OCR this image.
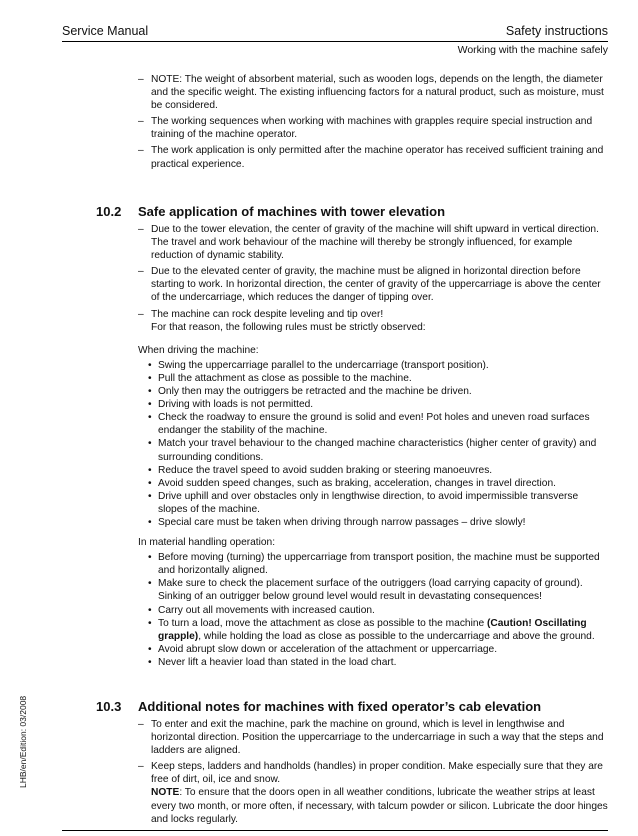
Service Manual	Safety instructions
Working with the machine safely
LHB/en/Edition: 03/2008
– NOTE: The weight of absorbent material, such as wooden logs, depends on the length, the diameter and the specific weight. The existing influencing factors for a natural product, such as moisture, must be considered.
– The working sequences when working with machines with grapples require special instruction and training of the machine operator.
– The work application is only permitted after the machine operator has received sufficient training and practical experience.
10.2 Safe application of machines with tower elevation
– Due to the tower elevation, the center of gravity of the machine will shift upward in vertical direction. The travel and work behaviour of the machine will thereby be strongly influenced, for example reduction of dynamic stability.
– Due to the elevated center of gravity, the machine must be aligned in horizontal direction before starting to work. In horizontal direction, the center of gravity of the uppercarriage is above the center of the undercarriage, which reduces the danger of tipping over.
– The machine can rock despite leveling and tip over!
For that reason, the following rules must be strictly observed:
When driving the machine:
• Swing the uppercarriage parallel to the undercarriage (transport position).
• Pull the attachment as close as possible to the machine.
• Only then may the outriggers be retracted and the machine be driven.
• Driving with loads is not permitted.
• Check the roadway to ensure the ground is solid and even! Pot holes and uneven road surfaces endanger the stability of the machine.
• Match your travel behaviour to the changed machine characteristics (higher center of gravity) and surrounding conditions.
• Reduce the travel speed to avoid sudden braking or steering manoeuvres.
• Avoid sudden speed changes, such as braking, acceleration, changes in travel direction.
• Drive uphill and over obstacles only in lengthwise direction, to avoid impermissible transverse slopes of the machine.
• Special care must be taken when driving through narrow passages – drive slowly!
In material handling operation:
• Before moving (turning) the uppercarriage from transport position, the machine must be supported and horizontally aligned.
• Make sure to check the placement surface of the outriggers (load carrying capacity of ground). Sinking of an outrigger below ground level would result in devastating consequences!
• Carry out all movements with increased caution.
• To turn a load, move the attachment as close as possible to the machine (Caution! Oscillating grapple), while holding the load as close as possible to the undercarriage and above the ground.
• Avoid abrupt slow down or acceleration of the attachment or uppercarriage.
• Never lift a heavier load than stated in the load chart.
10.3 Additional notes for machines with fixed operator’s cab elevation
– To enter and exit the machine, park the machine on ground, which is level in lengthwise and horizontal direction. Position the uppercarriage to the undercarriage in such a way that the steps and ladders are aligned.
– Keep steps, ladders and handholds (handles) in proper condition. Make especially sure that they are free of dirt, oil, ice and snow.
NOTE: To ensure that the doors open in all weather conditions, lubricate the weather strips at least every two month, or more often, if necessary, with talcum powder or silicon. Lubricate the door hinges and locks regularly.
